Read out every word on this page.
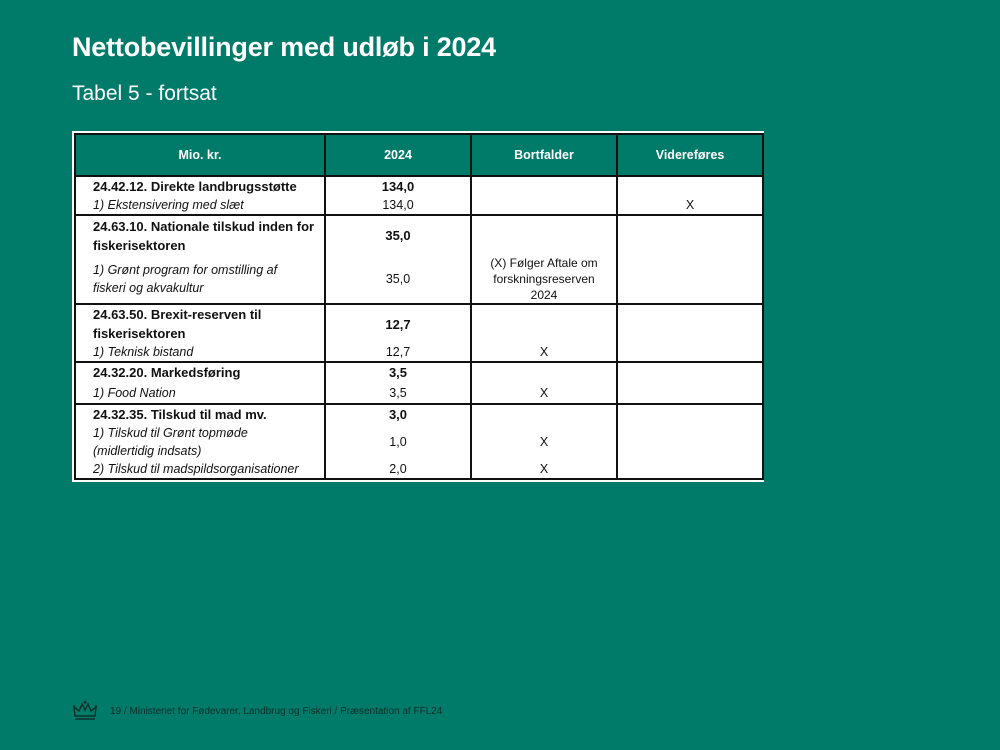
Nettobevillinger med udløb i 2024
Tabel 5 - fortsat
Mio. kr.	2024	Bortfalder	Videreføres
24.42.12. Direkte landbrugsstøtte	134,0		
1) Ekstensivering med slæt	134,0		X
24.63.10. Nationale tilskud inden for fiskerisektoren	35,0		
1) Grønt program for omstilling af fiskeri og akvakultur	35,0	(X) Følger Aftale om forskningsreserven 2024	
24.63.50. Brexit-reserven til fiskerisektoren	12,7		
1) Teknisk bistand	12,7	X	
24.32.20. Markedsføring	3,5		
1) Food Nation	3,5	X	
24.32.35. Tilskud til mad mv.	3,0		
1) Tilskud til Grønt topmøde (midlertidig indsats)	1,0	X	
2) Tilskud til madspildsorganisationer	2,0	X	
19 / Ministeriet for Fødevarer, Landbrug og Fiskeri / Præsentation af FFL24
